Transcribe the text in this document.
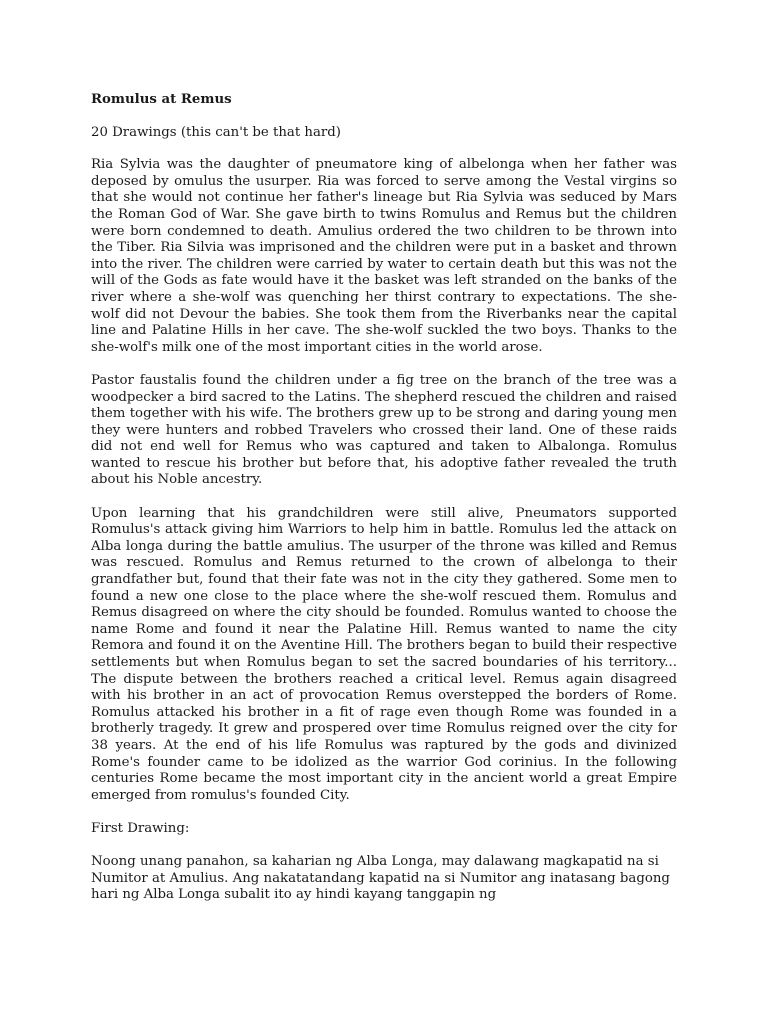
Romulus at Remus
20 Drawings (this can't be that hard)

Ria Sylvia was the daughter of pneumatore king of albelonga when her father was deposed by omulus the usurper. Ria was forced to serve among the Vestal virgins so that she would not continue her father's lineage but Ria Sylvia was seduced by Mars the Roman God of War. She gave birth to twins Romulus and Remus but the children were born condemned to death. Amulius ordered the two children to be thrown into the Tiber. Ria Silvia was imprisoned and the children were put in a basket and thrown into the river. The children were carried by water to certain death but this was not the will of the Gods as fate would have it the basket was left stranded on the banks of the river where a she-wolf was quenching her thirst contrary to expectations. The she-wolf did not Devour the babies. She took them from the Riverbanks near the capital line and Palatine Hills in her cave. The she-wolf suckled the two boys. Thanks to the she-wolf's milk one of the most important cities in the world arose.

Pastor faustalis found the children under a fig tree on the branch of the tree was a woodpecker a bird sacred to the Latins. The shepherd rescued the children and raised them together with his wife. The brothers grew up to be strong and daring young men they were hunters and robbed Travelers who crossed their land. One of these raids did not end well for Remus who was captured and taken to Albalonga. Romulus wanted to rescue his brother but before that, his adoptive father revealed the truth about his Noble ancestry.

Upon learning that his grandchildren were still alive, Pneumators supported Romulus's attack giving him Warriors to help him in battle. Romulus led the attack on Alba longa during the battle amulius. The usurper of the throne was killed and Remus was rescued. Romulus and Remus returned to the crown of albelonga to their grandfather but, found that their fate was not in the city they gathered. Some men to found a new one close to the place where the she-wolf rescued them. Romulus and Remus disagreed on where the city should be founded. Romulus wanted to choose the name Rome and found it near the Palatine Hill. Remus wanted to name the city Remora and found it on the Aventine Hill. The brothers began to build their respective settlements but when Romulus began to set the sacred boundaries of his territory... The dispute between the brothers reached a critical level. Remus again disagreed with his brother in an act of provocation Remus overstepped the borders of Rome. Romulus attacked his brother in a fit of rage even though Rome was founded in a brotherly tragedy. It grew and prospered over time Romulus reigned over the city for 38 years. At the end of his life Romulus was raptured by the gods and divinized Rome's founder came to be idolized as the warrior God corinius. In the following centuries Rome became the most important city in the ancient world a great Empire emerged from romulus's founded City.

First Drawing:

Noong unang panahon, sa kaharian ng Alba Longa, may dalawang magkapatid na si Numitor at Amulius. Ang nakatatandang kapatid na si Numitor ang inatasang bagong hari ng Alba Longa subalit ito ay hindi kayang tanggapin ng
